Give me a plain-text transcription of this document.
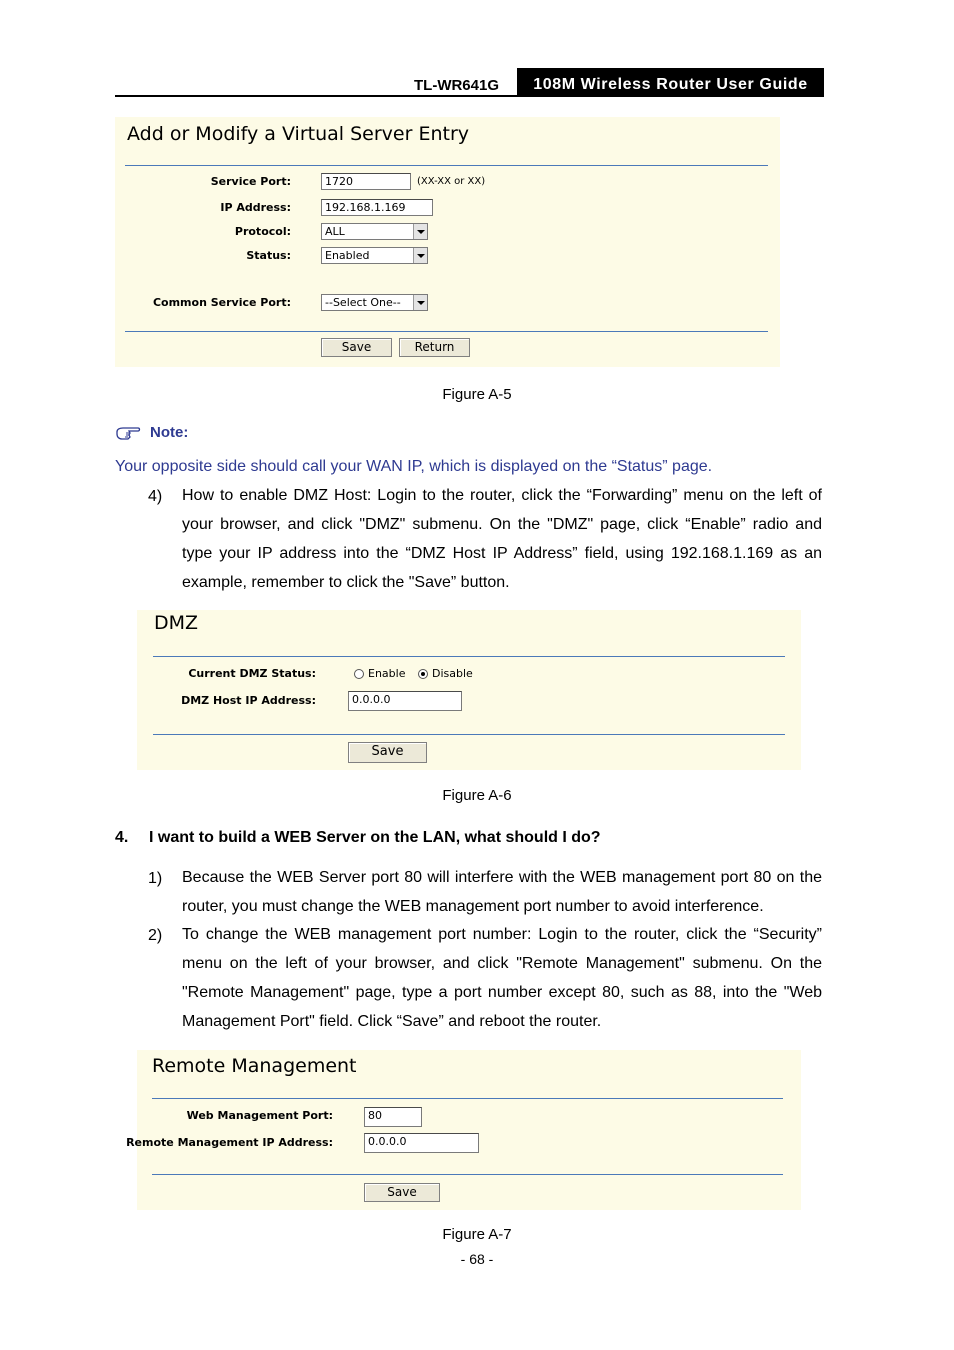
TL-WR641G	108M Wireless Router User Guide
Add or Modify a Virtual Server Entry
Service Port:	1720	(XX-XX or XX)
IP Address:	192.168.1.169
Protocol:	ALL
Status:	Enabled
Common Service Port:	--Select One--
Save	Return
Figure A-5
Note:
Your opposite side should call your WAN IP, which is displayed on the “Status” page.
4) How to enable DMZ Host: Login to the router, click the “Forwarding” menu on the left of your browser, and click "DMZ" submenu. On the "DMZ" page, click “Enable” radio and type your IP address into the “DMZ Host IP Address” field, using 192.168.1.169 as an example, remember to click the "Save” button.
DMZ
Current DMZ Status:	Enable Disable
DMZ Host IP Address:	0.0.0.0
Save
Figure A-6
4. I want to build a WEB Server on the LAN, what should I do?
1) Because the WEB Server port 80 will interfere with the WEB management port 80 on the router, you must change the WEB management port number to avoid interference.
2) To change the WEB management port number: Login to the router, click the “Security” menu on the left of your browser, and click "Remote Management" submenu. On the "Remote Management" page, type a port number except 80, such as 88, into the "Web Management Port" field. Click “Save” and reboot the router.
Remote Management
Web Management Port:	80
Remote Management IP Address:	0.0.0.0
Save
Figure A-7
- 68 -
